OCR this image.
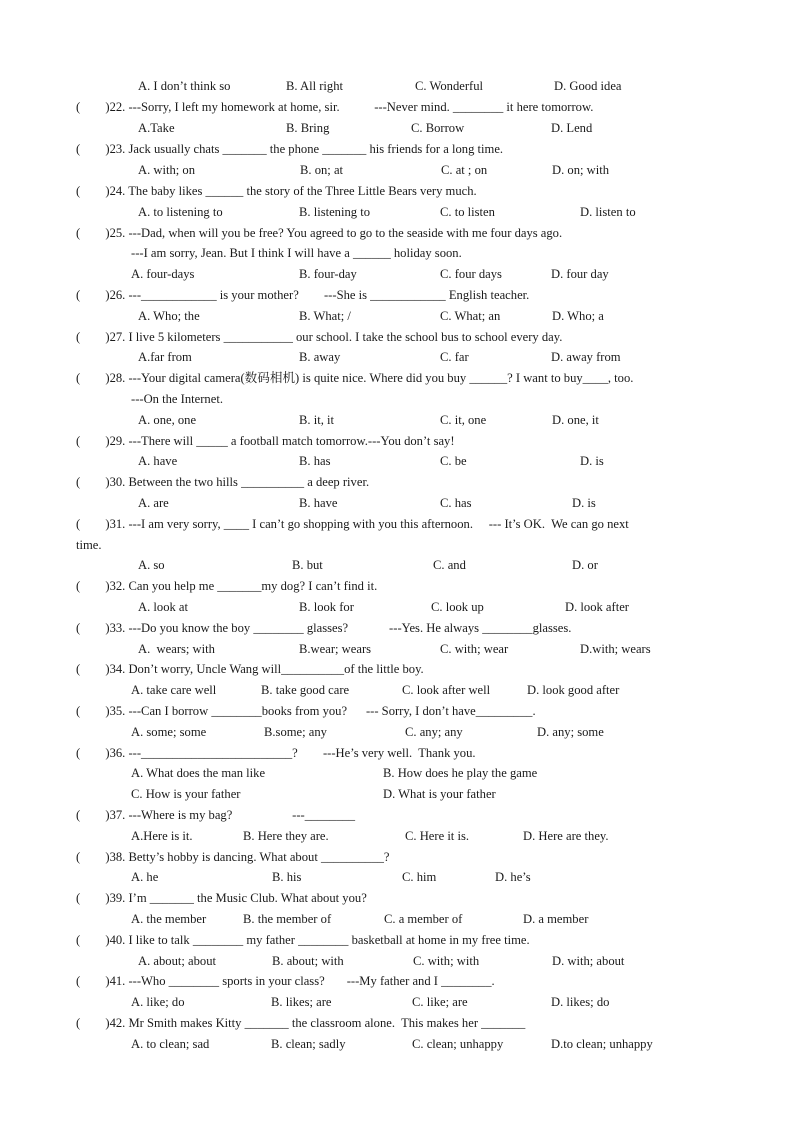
A. I don’t think so	B. All right	C. Wonderful	D. Good idea
(        )22. ---Sorry, I left my homework at home, sir.           ---Never mind. ________ it here tomorrow.
A.Take	B. Bring	C. Borrow	D. Lend
(        )23. Jack usually chats _______ the phone _______ his friends for a long time.
A. with; on	B. on; at	C. at ; on	D. on; with
(        )24. The baby likes ______ the story of the Three Little Bears very much.
A. to listening to	B. listening to	C. to listen	D. listen to
(        )25. ---Dad, when will you be free? You agreed to go to the seaside with me four days ago.
---I am sorry, Jean. But I think I will have a ______ holiday soon.
A. four-days	B. four-day	C. four days	D. four day
(        )26. ---____________ is your mother?        ---She is ____________ English teacher.
A. Who; the	B. What; /	C. What; an	D. Who; a
(        )27. I live 5 kilometers ___________ our school. I take the school bus to school every day.
A.far from	B. away	C. far	D. away from
(        )28. ---Your digital camera(数码相机) is quite nice. Where did you buy ______? I want to buy____, too.
---On the Internet.
A. one, one	B. it, it	C. it, one	D. one, it
(        )29. ---There will _____ a football match tomorrow.---You don’t say!
A. have	B. has	C. be	D. is
(        )30. Between the two hills __________ a deep river.
A. are	B. have	C. has	D. is
(        )31. ---I am very sorry, ____ I can’t go shopping with you this afternoon.     --- It’s OK.  We can go next
time.
A. so	B. but	C. and	D. or
(        )32. Can you help me _______my dog? I can’t find it.
A. look at	B. look for	C. look up	D. look after
(        )33. ---Do you know the boy ________ glasses?             ---Yes. He always ________glasses.
A.  wears; with	B.wear; wears	C. with; wear	D.with; wears
(        )34. Don’t worry, Uncle Wang will__________of the little boy.
A. take care well	B. take good care	C. look after well	D. look good after
(        )35. ---Can I borrow ________books from you?      --- Sorry, I don’t have_________.
A. some; some	B.some; any	C. any; any	D. any; some
(        )36. ---________________________?        ---He’s very well.  Thank you.
A. What does the man like	B. How does he play the game
C. How is your father	D. What is your father
(        )37. ---Where is my bag?                   ---________
A.Here is it.	B. Here they are.	C. Here it is.	D. Here are they.
(        )38. Betty’s hobby is dancing. What about __________?
A. he	B. his	C. him	D. he’s
(        )39. I’m _______ the Music Club. What about you?
A. the member	B. the member of	C. a member of	D. a member
(        )40. I like to talk ________ my father ________ basketball at home in my free time.
A. about; about	B. about; with	C. with; with	D. with; about
(        )41. ---Who ________ sports in your class?       ---My father and I ________.
A. like; do	B. likes; are	C. like; are	D. likes; do
(        )42. Mr Smith makes Kitty _______ the classroom alone.  This makes her _______
A. to clean; sad	B. clean; sadly	C. clean; unhappy	D.to clean; unhappy
